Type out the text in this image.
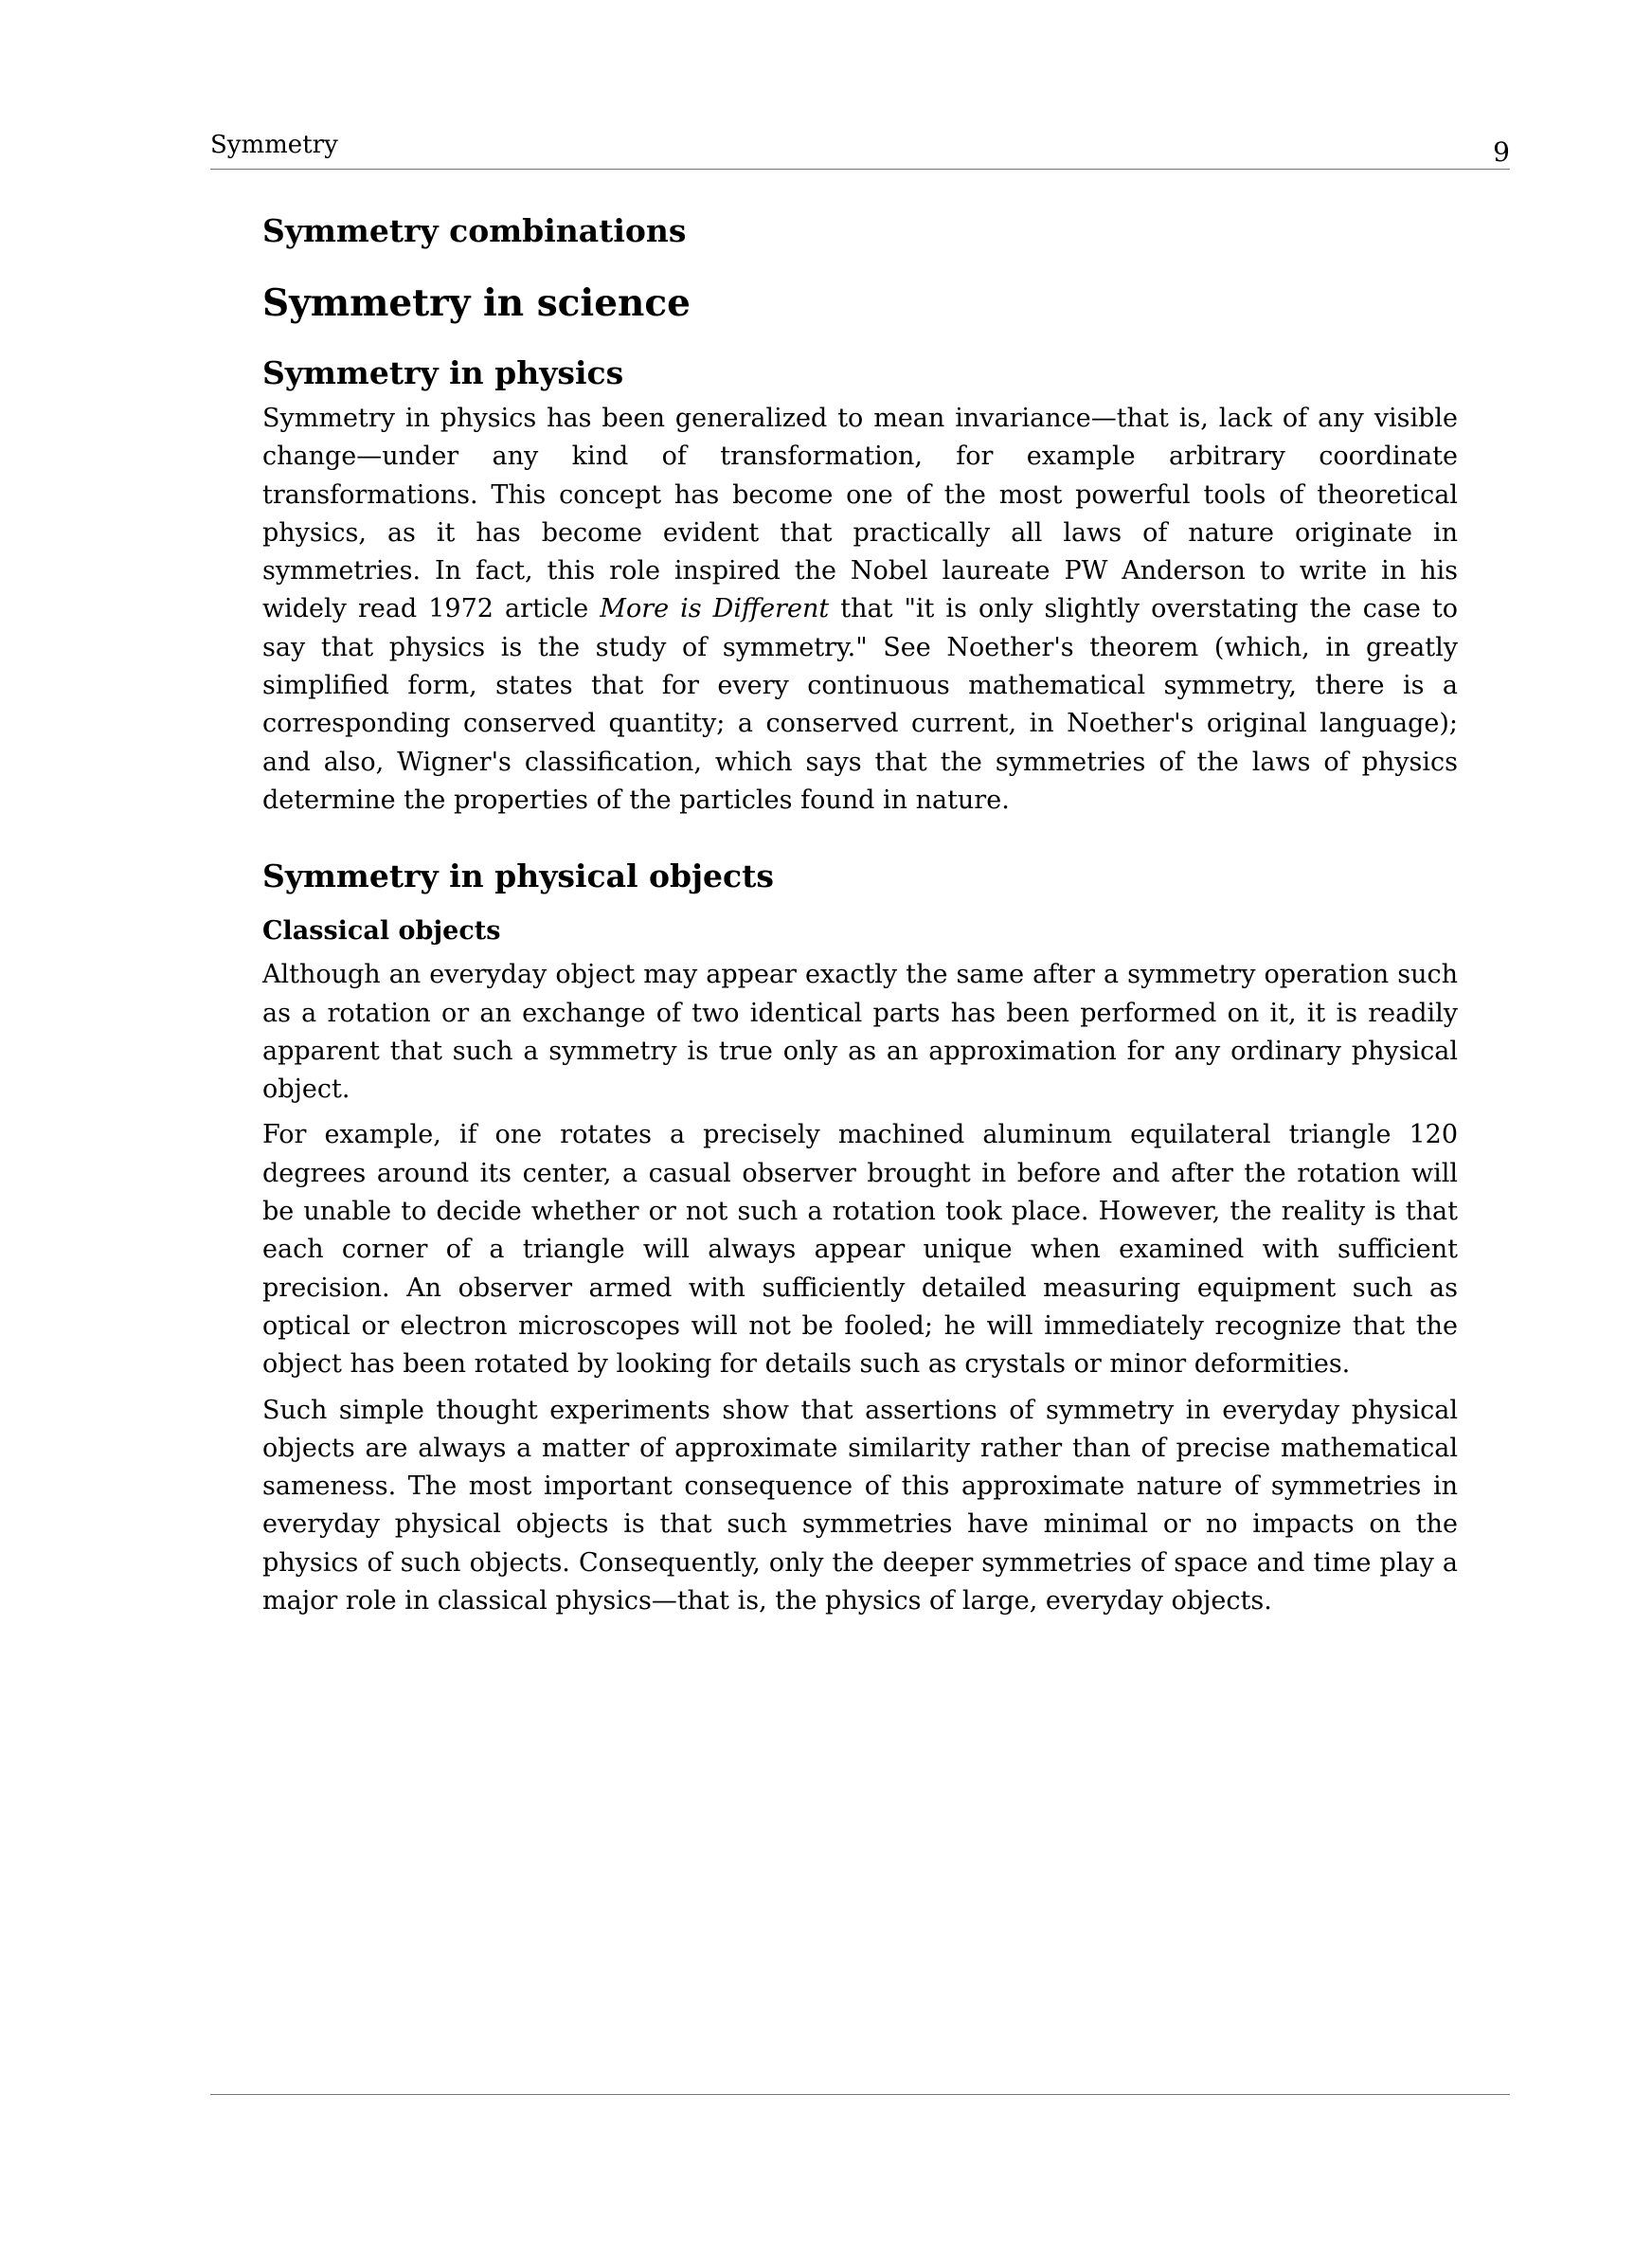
Symmetry	9
Symmetry combinations
Symmetry in science
Symmetry in physics

Symmetry in physics has been generalized to mean invariance—that is, lack of any visible change—under any kind of transformation, for example arbitrary coordinate transformations. This concept has become one of the most powerful tools of theoretical physics, as it has become evident that practically all laws of nature originate in symmetries. In fact, this role inspired the Nobel laureate PW Anderson to write in his widely read 1972 article More is Different that "it is only slightly overstating the case to say that physics is the study of symmetry." See Noether's theorem (which, in greatly simplified form, states that for every continuous mathematical symmetry, there is a corresponding conserved quantity; a conserved current, in Noether's original language); and also, Wigner's classification, which says that the symmetries of the laws of physics determine the properties of the particles found in nature.

Symmetry in physical objects
Classical objects

Although an everyday object may appear exactly the same after a symmetry operation such as a rotation or an exchange of two identical parts has been performed on it, it is readily apparent that such a symmetry is true only as an approximation for any ordinary physical object.

For example, if one rotates a precisely machined aluminum equilateral triangle 120 degrees around its center, a casual observer brought in before and after the rotation will be unable to decide whether or not such a rotation took place. However, the reality is that each corner of a triangle will always appear unique when examined with sufficient precision. An observer armed with sufficiently detailed measuring equipment such as optical or electron microscopes will not be fooled; he will immediately recognize that the object has been rotated by looking for details such as crystals or minor deformities.

Such simple thought experiments show that assertions of symmetry in everyday physical objects are always a matter of approximate similarity rather than of precise mathematical sameness. The most important consequence of this approximate nature of symmetries in everyday physical objects is that such symmetries have minimal or no impacts on the physics of such objects. Consequently, only the deeper symmetries of space and time play a major role in classical physics—that is, the physics of large, everyday objects.
